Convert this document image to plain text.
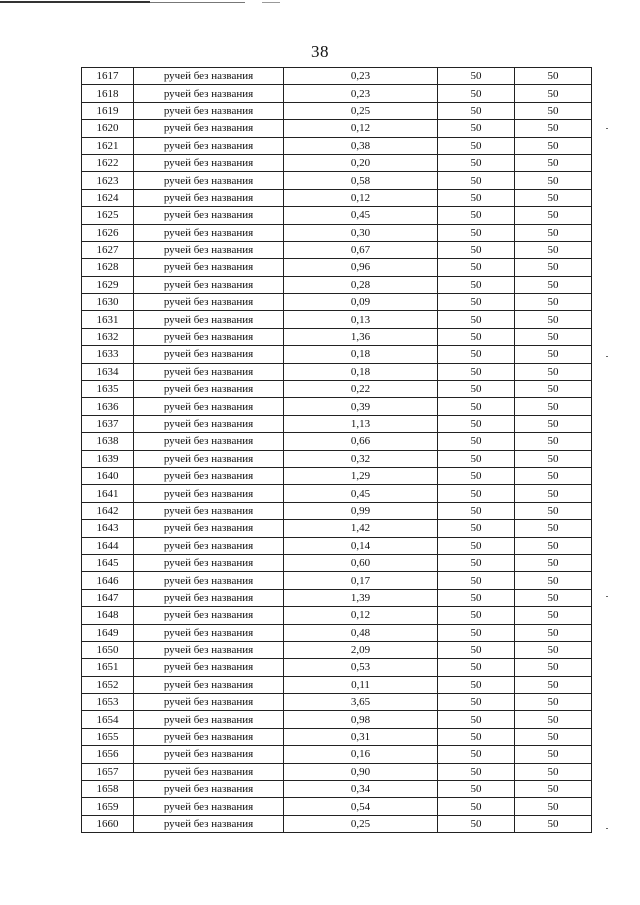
38
1617	ручей без названия	0,23	50	50
1618	ручей без названия	0,23	50	50
1619	ручей без названия	0,25	50	50
1620	ручей без названия	0,12	50	50
1621	ручей без названия	0,38	50	50
1622	ручей без названия	0,20	50	50
1623	ручей без названия	0,58	50	50
1624	ручей без названия	0,12	50	50
1625	ручей без названия	0,45	50	50
1626	ручей без названия	0,30	50	50
1627	ручей без названия	0,67	50	50
1628	ручей без названия	0,96	50	50
1629	ручей без названия	0,28	50	50
1630	ручей без названия	0,09	50	50
1631	ручей без названия	0,13	50	50
1632	ручей без названия	1,36	50	50
1633	ручей без названия	0,18	50	50
1634	ручей без названия	0,18	50	50
1635	ручей без названия	0,22	50	50
1636	ручей без названия	0,39	50	50
1637	ручей без названия	1,13	50	50
1638	ручей без названия	0,66	50	50
1639	ручей без названия	0,32	50	50
1640	ручей без названия	1,29	50	50
1641	ручей без названия	0,45	50	50
1642	ручей без названия	0,99	50	50
1643	ручей без названия	1,42	50	50
1644	ручей без названия	0,14	50	50
1645	ручей без названия	0,60	50	50
1646	ручей без названия	0,17	50	50
1647	ручей без названия	1,39	50	50
1648	ручей без названия	0,12	50	50
1649	ручей без названия	0,48	50	50
1650	ручей без названия	2,09	50	50
1651	ручей без названия	0,53	50	50
1652	ручей без названия	0,11	50	50
1653	ручей без названия	3,65	50	50
1654	ручей без названия	0,98	50	50
1655	ручей без названия	0,31	50	50
1656	ручей без названия	0,16	50	50
1657	ручей без названия	0,90	50	50
1658	ручей без названия	0,34	50	50
1659	ручей без названия	0,54	50	50
1660	ручей без названия	0,25	50	50
